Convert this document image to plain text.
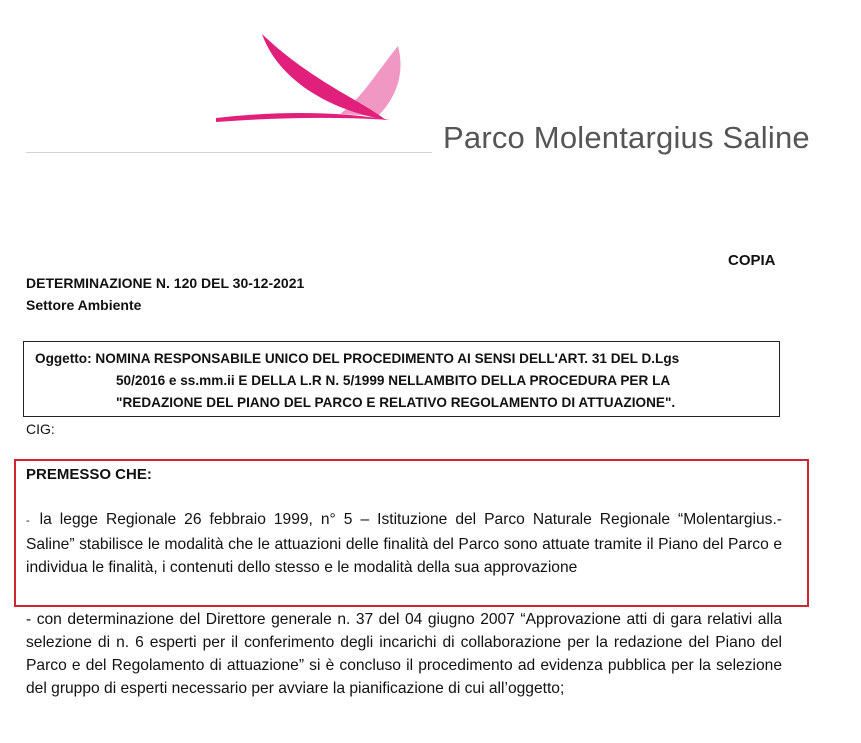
Parco Molentargius Saline
COPIA
DETERMINAZIONE N. 120 DEL 30-12-2021
Settore Ambiente
Oggetto: NOMINA RESPONSABILE UNICO DEL PROCEDIMENTO AI SENSI DELL'ART. 31 DEL D.Lgs
50/2016 e ss.mm.ii E DELLA L.R N. 5/1999 NELLAMBITO DELLA PROCEDURA PER LA
"REDAZIONE DEL PIANO DEL PARCO E RELATIVO REGOLAMENTO DI ATTUAZIONE".
CIG:
PREMESSO CHE:
- la legge Regionale 26 febbraio 1999, n° 5 – Istituzione del Parco Naturale Regionale “Molentargius.- Saline” stabilisce le modalità che le attuazioni delle finalità del Parco sono attuate tramite il Piano del Parco e individua le finalità, i contenuti dello stesso e le modalità della sua approvazione
- con determinazione del Direttore generale n. 37 del 04 giugno 2007 “Approvazione atti di gara relativi alla selezione di n. 6 esperti per il conferimento degli incarichi di collaborazione per la redazione del Piano del Parco e del Regolamento di attuazione” si è concluso il procedimento ad evidenza pubblica per la selezione del gruppo di esperti necessario per avviare la pianificazione di cui all’oggetto;
